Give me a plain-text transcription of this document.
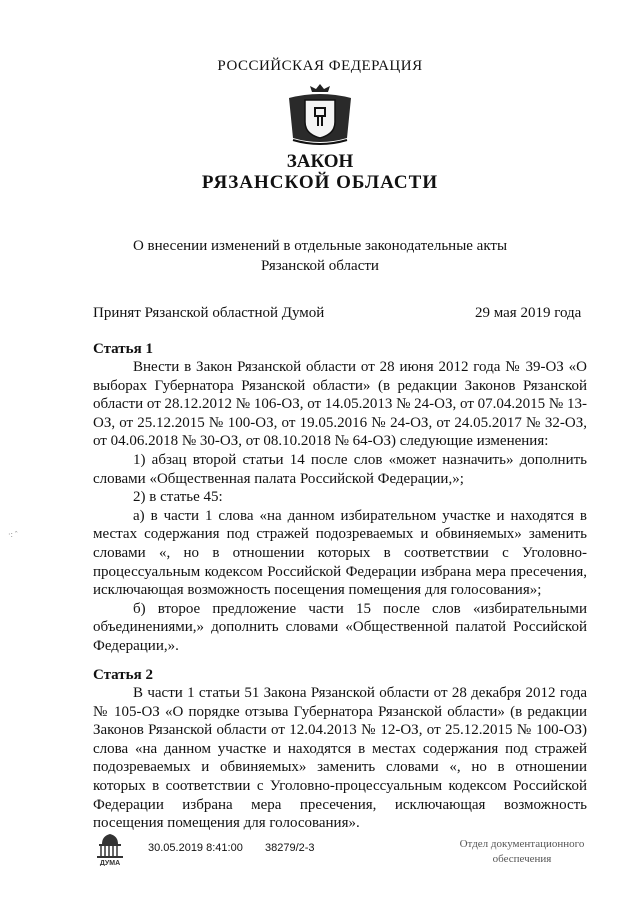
РОССИЙСКАЯ ФЕДЕРАЦИЯ
ЗАКОН
РЯЗАНСКОЙ ОБЛАСТИ
О внесении изменений в отдельные законодательные акты
Рязанской области
Принят Рязанской областной Думой	29 мая 2019 года
Статья 1

Внести в Закон Рязанской области от 28 июня 2012 года № 39-ОЗ «О выборах Губернатора Рязанской области» (в редакции Законов Рязанской области от 28.12.2012 № 106-ОЗ, от 14.05.2013 № 24-ОЗ, от 07.04.2015 № 13-ОЗ, от 25.12.2015 № 100-ОЗ, от 19.05.2016 № 24-ОЗ, от 24.05.2017 № 32-ОЗ, от 04.06.2018 № 30-ОЗ, от 08.10.2018 № 64-ОЗ) следующие изменения:

1) абзац второй статьи 14 после слов «может назначить» дополнить словами «Общественная палата Российской Федерации,»;

2) в статье 45:

а) в части 1 слова «на данном избирательном участке и находятся в местах содержания под стражей подозреваемых и обвиняемых» заменить словами «, но в отношении которых в соответствии с Уголовно-процессуальным кодексом Российской Федерации избрана мера пресечения, исключающая возможность посещения помещения для голосования»;

б) второе предложение части 15 после слов «избирательными объединениями,» дополнить словами «Общественной палатой Российской Федерации,».

·: ˆ
Статья 2

В части 1 статьи 51 Закона Рязанской области от 28 декабря 2012 года № 105-ОЗ «О порядке отзыва Губернатора Рязанской области» (в редакции Законов Рязанской области от 12.04.2013 № 12-ОЗ, от 25.12.2015 № 100-ОЗ) слова «на данном участке и находятся в местах содержания под стражей подозреваемых и обвиняемых» заменить словами «, но в отношении которых в соответствии с Уголовно-процессуальным кодексом Российской Федерации избрана мера пресечения, исключающая возможность посещения помещения для голосования».

ДУМА
30.05.2019 8:41:00 38279/2-3	Отдел документационного
обеспечения
